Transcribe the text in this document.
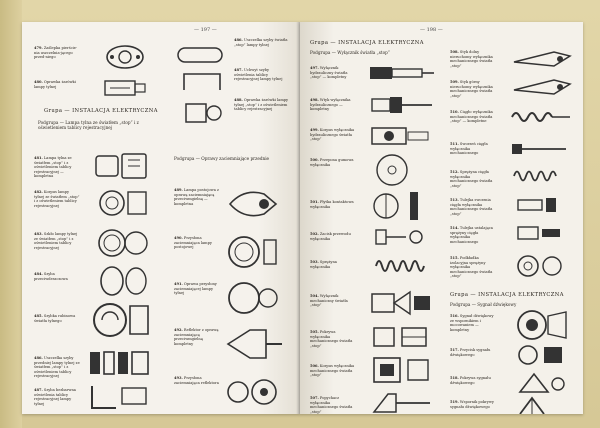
— 197 —
479. Zaślepka pierście-nia uszczelnia-jącego przed-niego
480. Oprawka żarówki lampy tylnej
Grupa — INSTALACJA ELEKTRYCZNA
Podgrupa — Lampa tylna ze światłem „stop” i z oświetleniem tablicy rejestracyjnej
481. Lampa tylna ze światłem „stop” i z oświetleniem tablicy rejestracyjnej — kompletna
482. Korpus lampy tylnej ze światłem „stop” i z oświetleniem tablicy rejestracyjnej
483. Szkło lampy tylnej ze światłem „stop” i z oświetleniem tablicy rejestracyjnej
484. Szyba przeciwdeszczowa
485. Szybka rubinowa światła tylnego
486. Uszczelka szyby przedniej lampy tylnej ze światłem „stop” i z oświetleniem tablicy rejestracyjnej
487. Szyba bezbarwna oświetlenia tablicy rejestracyjnej lampy tylnej
486. Uszczelka szyby światła „stop” lampy tylnej
487. Uchwyt szyby oświetlenia tablicy rejestracyjnej lampy tylnej
488. Oprawka żarówki lampy tylnej „stop” i z oświetleniem tablicy rejestracyjnej
Podgrupa — Oprawy zaciemniające przednie
489. Lampa postojowa z oprawą zaciemniającą przeciwmgielną — kompletna
490. Przysłona zaciemniająca lampy postojowej
491. Oprawa przysłony zaciemniającej lampy tylnej
492. Reflektor z oprawą zaciemniającą przeciwmgielną kompletny
493. Przysłona zaciemniająca reflektora
— 198 —
Grupa — INSTALACJA ELEKTRYCZNA
Podgrupa — Wyłącznik światła „stop”
497. Wyłącznik hydrauliczny światła „stop” — kompletny
498. Wtyk wyłącznika hydraulicznego — kompletny
499. Korpus wyłącznika hydraulicznego światła „stop”
500. Przepona gumowa wyłącznika
501. Płytka kontaktowa wyłącznika
502. Zacisk przewodu wyłącznika
503. Sprężyna wyłącznika
504. Wyłącznik mechaniczny światła „stop”
505. Pokrywa wyłącznika mechanicznego światła „stop”
506. Korpus wyłącznika mechanicznego światła „stop”
507. Popychacz wyłącznika mechanicznego światła „stop”
508. Styk dolny nieruchomy wyłącznika mechanicznego światła „stop”
509. Styk górny nieruchomy wyłącznika mechanicznego światła „stop”
510. Cięgło wyłącznika mechanicznego światła „stop” — kompletne
511. Sworzeń cięgła wyłącznika mechanicznego
512. Sprężyna cięgła wyłącznika mechanicznego światła „stop”
513. Tulejka sworznia cięgła wyłącznika mechanicznego światła „stop”
514. Tulejka ustalająca sprężyny cięgła wyłącznika mechanicznego
515. Podkładka izolacyjna sprężyny wyłącznika mechanicznego światła „stop”
Grupa — INSTALACJA ELEKTRYCZNA
Podgrupa — Sygnał dźwiękowy
516. Sygnał dźwiękowy ze wspornikiem i mocowaniem — kompletny
517. Przycisk sygnału dźwiękowego
518. Pokrywa sygnału dźwiękowego
519. Wspornik pokrywy sygnału dźwiękowego
